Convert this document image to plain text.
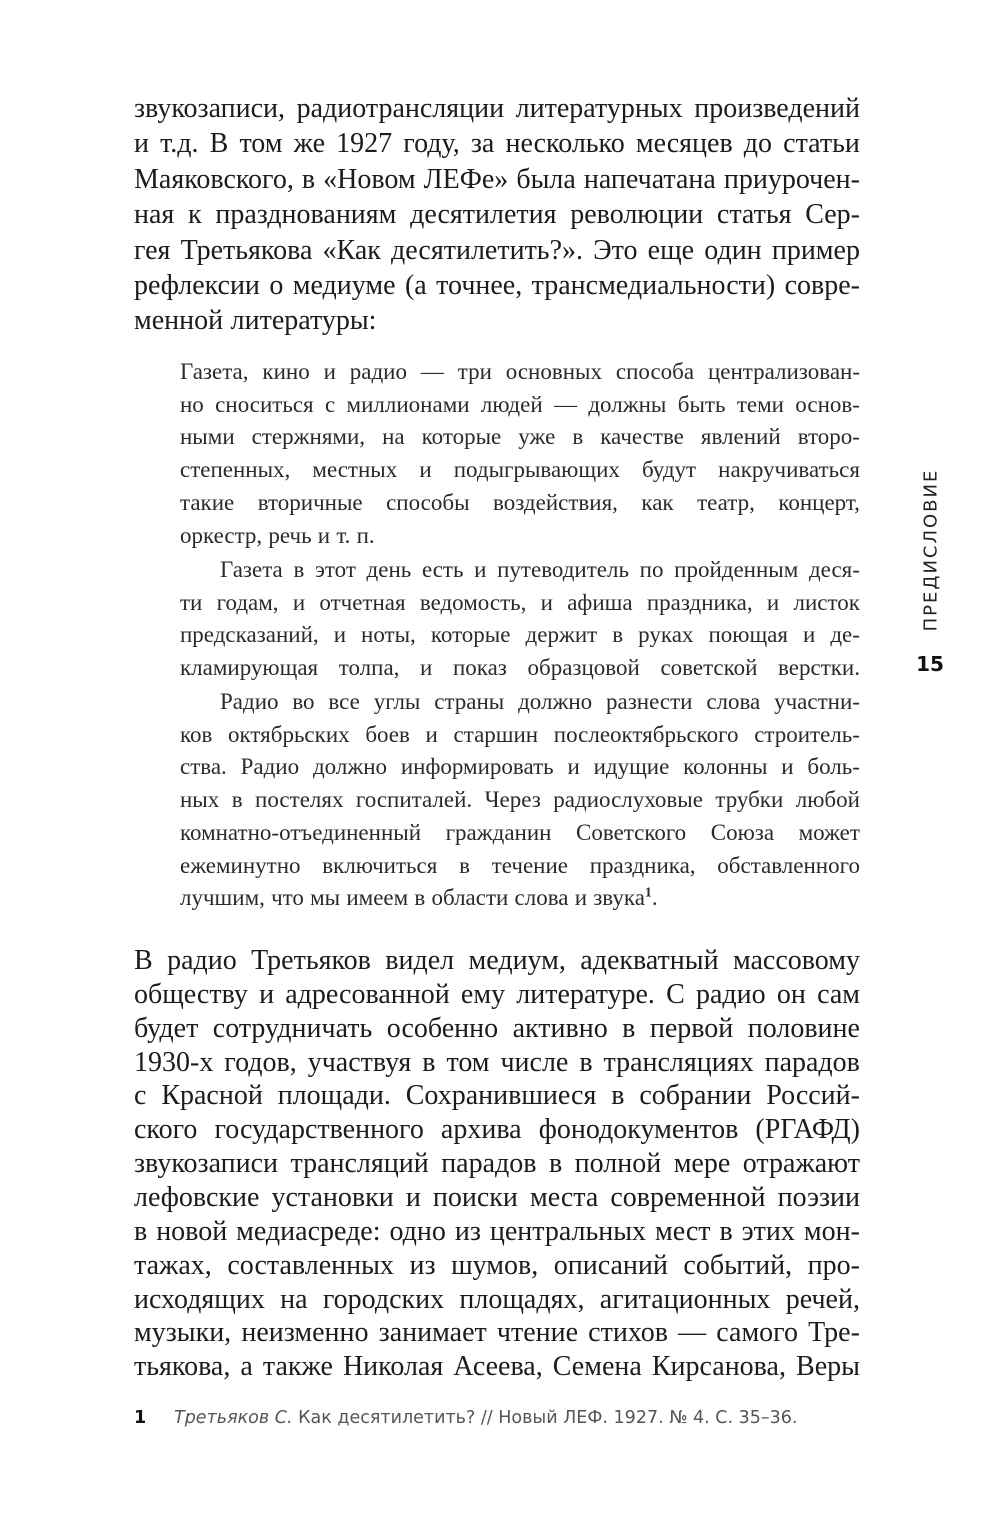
звукозаписи, радиотрансляции литературных произведений
и т.д. В том же 1927 году, за несколько месяцев до статьи
Маяковского, в «Новом ЛЕФе» была напечатана приурочен-
ная к празднованиям десятилетия революции статья Сер-
гея Третьякова «Как десятилетить?». Это еще один пример
рефлексии о медиуме (а точнее, трансмедиальности) совре-
менной литературы:
В радио Третьяков видел медиум, адекватный массовому
обществу и адресованной ему литературе. С радио он сам
будет сотрудничать особенно активно в первой половине
1930-х годов, участвуя в том числе в трансляциях парадов
с Красной площади. Сохранившиеся в собрании Россий-
ского государственного архива фонодокументов (РГАФД)
звукозаписи трансляций парадов в полной мере отражают
лефовские установки и поиски места современной поэзии
в новой медиасреде: одно из центральных мест в этих мон-
тажах, составленных из шумов, описаний событий, про-
исходящих на городских площадях, агитационных речей,
музыки, неизменно занимает чтение стихов — самого Тре-
тьякова, а также Николая Асеева, Семена Кирсанова, Веры
Газета, кино и радио — три основных способа централизован-
но сноситься с миллионами людей — должны быть теми основ-
ными стержнями, на которые уже в качестве явлений второ-
степенных, местных и подыгрывающих будут накручиваться
такие вторичные способы воздействия, как театр, концерт,
оркестр, речь и т. п.
Газета в этот день есть и путеводитель по пройденным деся-
ти годам, и отчетная ведомость, и афиша праздника, и листок
предсказаний, и ноты, которые держит в руках поющая и де-
кламирующая толпа, и показ образцовой советской верстки.
Радио во все углы страны должно разнести слова участни-
ков октябрьских боев и старшин послеоктябрьского строитель-
ства. Радио должно информировать и идущие колонны и боль-
ных в постелях госпиталей. Через радиослуховые трубки любой
комнатно-отъединенный гражданин Советского Союза может
ежеминутно включиться в течение праздника, обставленного
лучшим, что мы имеем в области слова и звука$^1$.
ПРЕДИСЛОВИЕ
15
1 Третьяков С. Как десятилетить? // Новый ЛЕФ. 1927. № 4. С. 35–36.
